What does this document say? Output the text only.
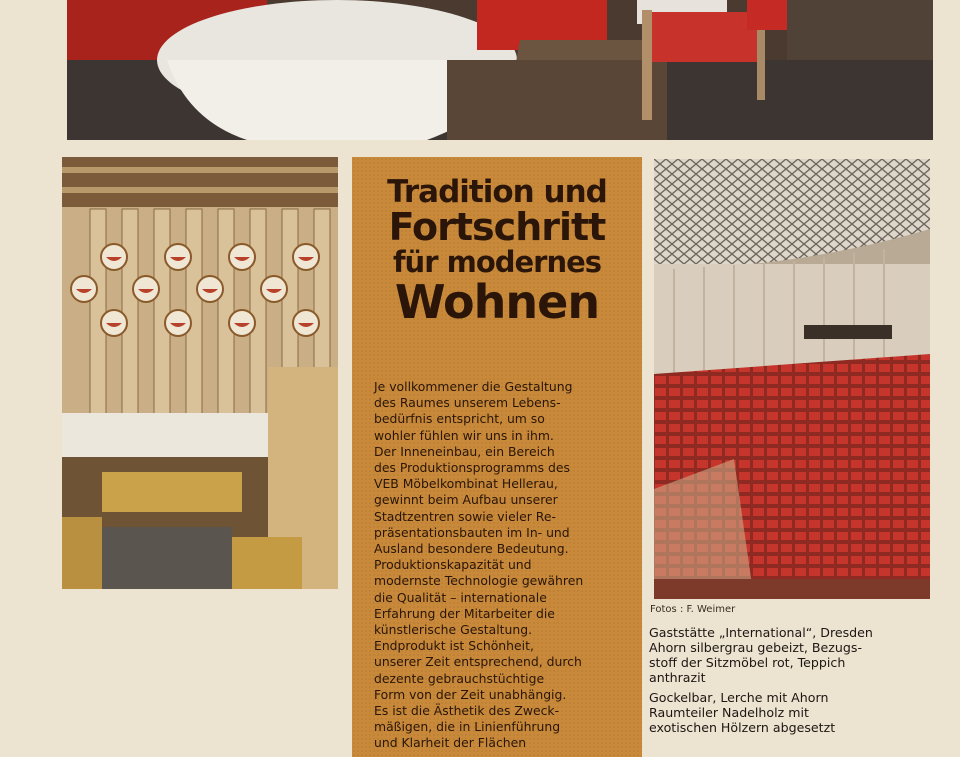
Tradition und
Fortschritt
für modernes
Wohnen

Je vollkommener die Gestaltung

des Raumes unserem Lebens-

bedürfnis entspricht, um so

wohler fühlen wir uns in ihm.

Der Inneneinbau, ein Bereich

des Produktionsprogramms des

VEB Möbelkombinat Hellerau,

gewinnt beim Aufbau unserer

Stadtzentren sowie vieler Re-

präsentationsbauten im In- und

Ausland besondere Bedeutung.

Produktionskapazität und

modernste Technologie gewähren

die Qualität – internationale

Erfahrung der Mitarbeiter die

künstlerische Gestaltung.

Endprodukt ist Schönheit,

unserer Zeit entsprechend, durch

dezente gebrauchstüchtige

Form von der Zeit unabhängig.

Es ist die Ästhetik des Zweck-

mäßigen, die in Linienführung

und Klarheit der Flächen

Fotos : F. Weimer

Gaststätte „International“, Dresden
Ahorn silbergrau gebeizt, Bezugs-
stoff der Sitzmöbel rot, Teppich
anthrazit

Gockelbar, Lerche mit Ahorn
Raumteiler Nadelholz mit
exotischen Hölzern abgesetzt
